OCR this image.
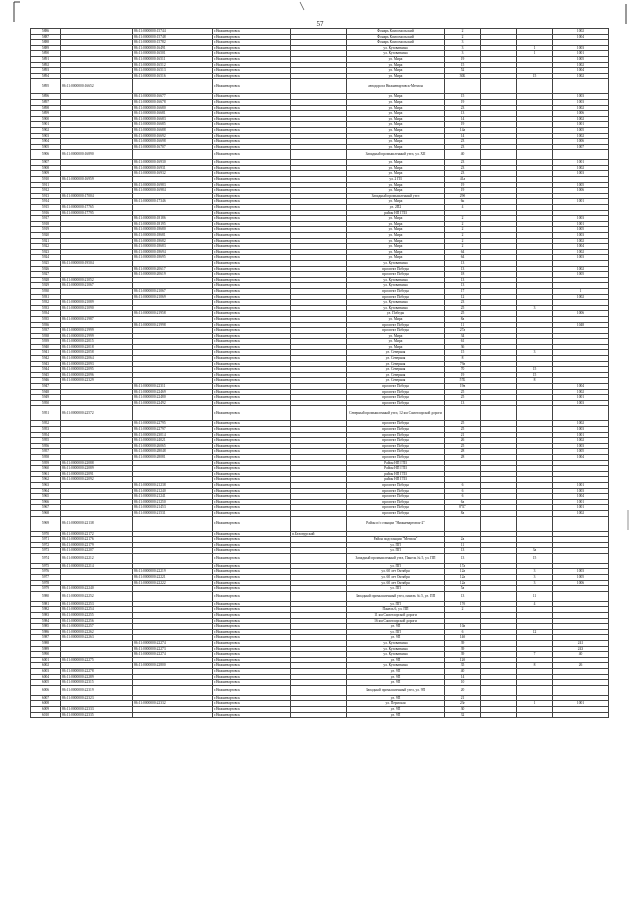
57
5886		86:11:0000000:15744	г.Нижневартовск		Фонарь Комсомольский	2			1002
5887		86:11:0000000:15748	г.Нижневартовск		Фонарь Комсомольский	2			1004
5888		86:11:0000000:15782	г.Нижневартовск		Фонарь Комсомольский	3			
5889		86:11:0000000:16491	г.Нижневартовск		ул. Кузоваткина	3		1	1003
5890		86:11:0000000:16501	г.Нижневартовск		ул. Кузоваткина	3		1	1001
5891		86:11:0000000:16511	г.Нижневартовск		ул. Мира	19			1005
5892		86:11:0000000:16512	г.Нижневартовск		ул. Мира	15			1002
5893		86:11:0000000:16513	г.Нижневартовск		ул. Мира	52			1004
5894		86:11:0000000:16516	г.Нижневартовск		ул. Мира	30Б		15	1002
5895	86:11:0000000:16652		г.Нижневартовск		автодорога Нижневартовск-Мегион				
5896		86:11:0000000:16677	г.Нижневартовск		ул. Мира	15			1003
5897		86:11:0000000:16678	г.Нижневартовск		ул. Мира	19			1003
5898		86:11:0000000:16680	г.Нижневартовск		ул. Мира	23			1002
5899		86:11:0000000:16681	г.Нижневартовск		ул. Мира	13			1006
5900		86:11:0000000:16683	г.Нижневартовск		ул. Мира	14			1002
5901		86:11:0000000:16685	г.Нижневартовск		ул. Мира	19			1001
5902		86:11:0000000:16688	г.Нижневартовск		ул. Мира	14а			1005
5903		86:11:0000000:16692	г.Нижневартовск		ул. Мира	14			1002
5904		86:11:0000000:16698	г.Нижневартовск		ул. Мира	23			1006
5905		86:11:0000000:16707	г.Нижневартовск		ул. Мира	23			1007
5906	86:11:0000000:16890		г.Нижневартовск		Западный промышленный узел, ул. ХII	40			
5907		86:11:0000000:16930	г.Нижневартовск		ул. Мира	23			1001
5908		86:11:0000000:16931	г.Нижневартовск		ул. Мира	23			1002
5909		86:11:0000000:16932	г.Нижневартовск		ул. Мира	23			1003
5910	86:11:0000000:16959		г.Нижневартовск		ул. 2 ПЗ	41а			
5911		86:11:0000000:16983	г.Нижневартовск		ул. Мира	19			1005
5912		86:11:0000000:16984	г.Нижневартовск		ул. Мира	19			1006
5913	86:11:0000000:17004		г.Нижневартовск		Западный промышленный узел	29б			
5914		86:11:0000000:17346	г.Нижневартовск		ул. Мира	6к			1001
5915	86:11:0000000:17765		г.Нижневартовск		ул. 2П2	4			
5916	86:11:0000000:17795		г.Нижневартовск		район НП ГПЗ				
5917		86:11:0000000:18186	г.Нижневартовск		ул. Мира	2			1003
5918		86:11:0000000:18195	г.Нижневартовск		ул. Мира	2			1001
5919		86:11:0000000:18680	г.Нижневартовск		ул. Мира	2			1005
5920		86:11:0000000:18681	г.Нижневартовск		ул. Мира	2			1003
5921		86:11:0000000:18682	г.Нижневартовск		ул. Мира	2			1002
5922		86:11:0000000:18683	г.Нижневартовск		ул. Мира	2			1004
5923		86:11:0000000:18694	г.Нижневартовск		ул. Мира	64			1002
5924		86:11:0000000:18695	г.Нижневартовск		ул. Мира	64			1003
5925	86:11:0000000:19504		г.Нижневартовск		ул. Кузоваткина	13			
5926		86:11:0000000:20617	г.Нижневартовск		проспект Победы	13			1002
5927		86:11:0000000:20619	г.Нижневартовск		проспект Победы	18			1005
5928	86:11:0000000:21052		г.Нижневартовск		ул. Кузоваткина	13			
5929	86:11:0000000:21067		г.Нижневартовск		ул. Кузоваткина	13			
5930		86:11:0000000:21067	г.Нижневартовск		проспект Победы	17			1
5931		86:11:0000000:21069	г.Нижневартовск		проспект Победы	12			1002
5932	86:11:0000000:21089		г.Нижневартовск		ул. Кузоваткина	23			
5933	86:11:0000000:21090		г.Нижневартовск		ул. Кузоваткина	25		3	
5934		86:11:0000000:21958	г.Нижневартовск		ул. Победы	25			1006
5935	86:11:0000000:21987		г.Нижневартовск		ул. Мира	8а			
5936		86:11:0000000:21998	г.Нижневартовск		проспект Победы	11			1048
5937	86:11:0000000:21999		г.Нижневартовск		проспект Победы	27а			
5938	86:11:0000000:21999		г.Нижневартовск		ул. Мира	34			
5939	86:11:0000000:22015		г.Нижневартовск		ул. Мира	61			
5940	86:11:0000000:22018		г.Нижневартовск		ул. Мира	36			
5941	86:11:0000000:22058		г.Нижневартовск		ул. Северная	15		3	
5942	86:11:0000000:22064		г.Нижневартовск		ул. Северная	8			
5943	86:11:0000000:22093		г.Нижневартовск		ул. Северная	79а			
5944	86:11:0000000:22095		г.Нижневартовск		ул. Северная	70		15	
5945	86:11:0000000:22096		г.Нижневартовск		ул. Северная	19		15	
5946	86:11:0000000:22329		г.Нижневартовск		ул. Северная	57Б		8	
5947		86:11:0000000:22311	г.Нижневартовск		проспект Победы	19в			1004
5948		86:11:0000000:22469	г.Нижневартовск		проспект Победы	25			1002
5949		86:11:0000000:22480	г.Нижневартовск		проспект Победы	25			1001
5950		86:11:0000000:22492	г.Нижневартовск		проспект Победы	13			1003
5951	86:11:0000000:22572		г.Нижневартовск		Северный промышленный узел, 12 км Самотлорской дороги				
5952		86:11:0000000:22795	г.Нижневартовск		проспект Победы	25			1002
5953		86:11:0000000:22797	г.Нижневартовск		проспект Победы	25			1003
5954		86:11:0000000:23014	г.Нижневартовск		проспект Победы	21			1001
5955		86:11:0000000:24021	г.Нижневартовск		проспект Победы	26			1002
5956		86:11:0000000:26065	г.Нижневартовск		проспект Победы	25			1003
5957		86:11:0000000:28048	г.Нижневартовск		проспект Победы	28			1005
5958		86:11:0000000:28081	г.Нижневартовск		проспект Победы	28			1004
5959	86:11:0000000:22088		г.Нижневартовск		Район НП ГПЗ				
5960	86:11:0000000:22089		г.Нижневартовск		Район НП ГПЗ				
5961	86:11:0000000:22091		г.Нижневартовск		район НП ГПЗ				
5962	86:11:0000000:22092		г.Нижневартовск		район НП ГПЗ				
5963		86:11:0000000:21238	г.Нижневартовск		проспект Победы	6			1001
5964		86:11:0000000:21240	г.Нижневартовск		проспект Победы	6			1003
5965		86:11:0000000:21241	г.Нижневартовск		проспект Победы	6			1004
5966		86:11:0000000:21250	г.Нижневартовск		проспект Победы	6а			1001
5967		86:11:0000000:21453	г.Нижневартовск		проспект Победы	8"Б"			1001
5968		86:11:0000000:21531	г.Нижневартовск		проспект Победы	8а			1002
5969	86:11:0000000:22138		г.Нижневартовск		Район п/з станции "Нижневартовск-2"				
5970	86:11:0000000:22172		г.Нижневартовск	п.Беловурский					
5971	86:11:0000000:22176		г.Нижневартовск		Район подстанции "Мегион"	2а			
5972	86:11:0000000:22179		г.Нижневартовск		ул. ПП	11			
5973	86:11:0000000:22207		г.Нижневартовск		ул. ПП	13		3а	
5974	86:11:0000000:22212		г.Нижневартовск		Западный промышленный узел, Панель № 5, ул. ПП	13		15	
5975	86:11:0000000:22214		г.Нижневартовск		ул. ПП	17а			
5976		86:11:0000000:22219	г.Нижневартовск		ул. 60 лет Октября	12а		3	1003
5977		86:11:0000000:22221	г.Нижневартовск		ул. 60 лет Октября	12а		3	1005
5978		86:11:0000000:22222	г.Нижневартовск		ул. 60 лет Октября	12а		3	1006
5979	86:11:0000000:22240		г.Нижневартовск		ул. ПП	5а			
5980	86:11:0000000:22252		г.Нижневартовск		Западный промышленный узел, панель № 5, ул. ПП	13		11	
5981	86:11:0000000:22253		г.Нижневартовск		ул. ПП	17б		4	
5982	86:11:0000000:22254		г.Нижневартовск		Панель 6, ул. ПП	2			
5983	86:11:0000000:22255		г.Нижневартовск		11 км Самотлорской дороги				
5984	86:11:0000000:22256		г.Нижневартовск		16 км Самотлорской дороги				
5985	86:11:0000000:22257		г.Нижневартовск		ул. 9П	10а			
5986	86:11:0000000:22262		г.Нижневартовск		ул. ПП	6		12	
5987	86:11:0000000:22263		г.Нижневартовск		ул. 9П	14б			
5988		86:11:0000000:22274	г.Нижневартовск		ул. Кузоваткина	39			241
5989		86:11:0000000:22273	г.Нижневартовск		ул. Кузоваткина	39			243
5990		86:11:0000000:22274	г.Нижневартовск		ул. Кузоваткина	39		7	40
6001	86:11:0000000:22275		г.Нижневартовск		ул. 9П	12б			
6002		86:11:0000000:22800	г.Нижневартовск		ул. Кузоваткина	35		8	26
6003	86:11:0000000:22278		г.Нижневартовск		ул. 9П	40			
6004	86:11:0000000:22289		г.Нижневартовск		ул. 9П	14			
6005	86:11:0000000:22315		г.Нижневартовск		ул. 9П	10			
6006	86:11:0000000:22319		г.Нижневартовск		Западный промышленный узел, ул. 9П	20			
6007	86:11:0000000:22323		г.Нижневартовск		ул. 9П	21			
6008		86:11:0000000:22332	г.Нижневартовск		ул. Пермская	23г		1	1001
6009	86:11:0000000:22333		г.Нижневартовск		ул. 9П	30			
6010	86:11:0000000:22335		г.Нижневартовск		ул. 9П	32			
